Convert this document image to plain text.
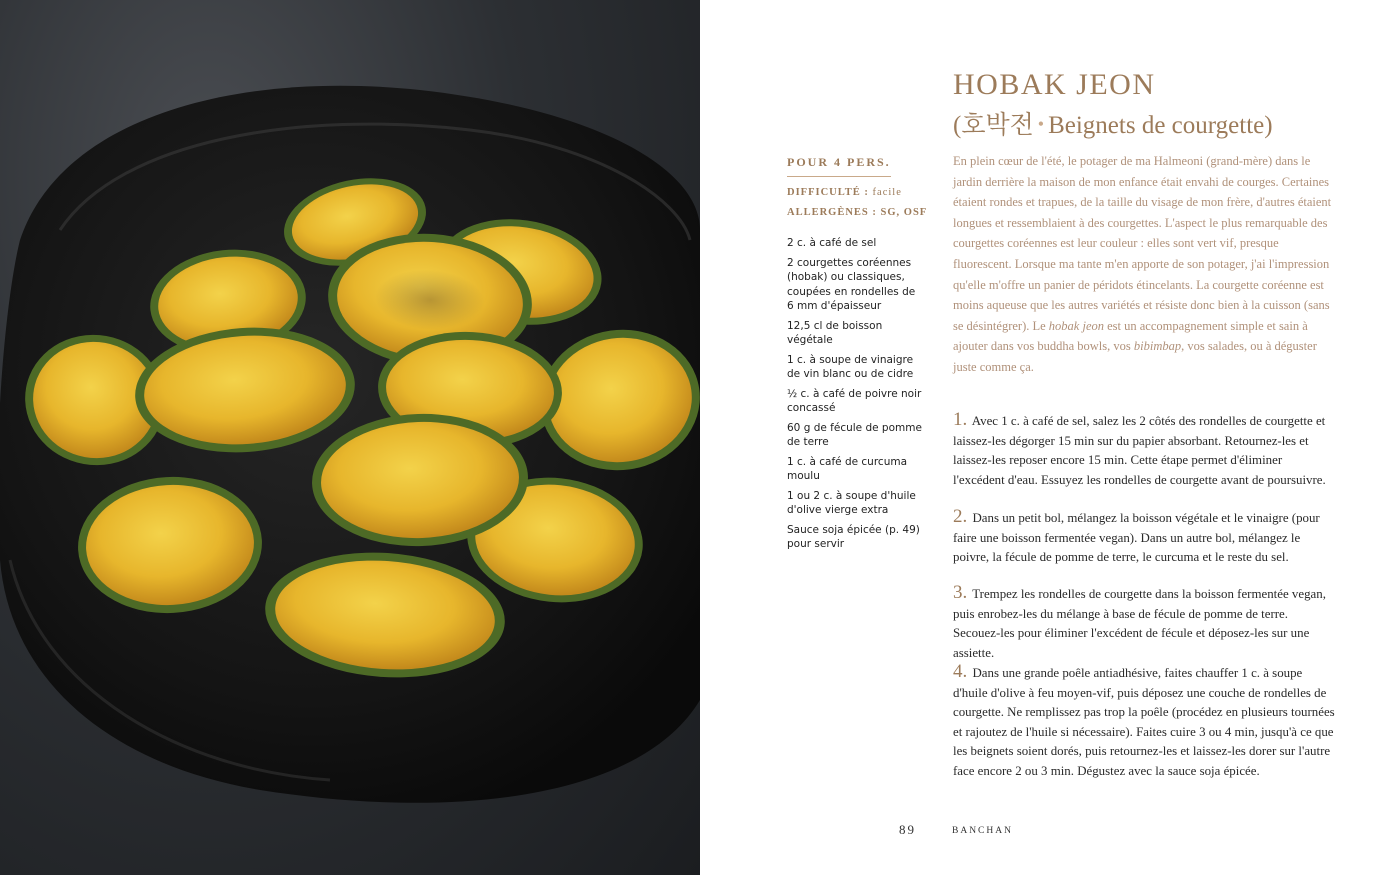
HOBAK JEON
(호박전 • Beignets de courgette)
POUR 4 PERS.
DIFFICULTÉ : facile
ALLERGÈNES : SG, OSF
2 c. à café de sel
2 courgettes coréennes (hobak) ou classiques, coupées en rondelles de 6 mm d'épaisseur
12,5 cl de boisson végétale
1 c. à soupe de vinaigre de vin blanc ou de cidre
½ c. à café de poivre noir concassé
60 g de fécule de pomme de terre
1 c. à café de curcuma moulu
1 ou 2 c. à soupe d'huile d'olive vierge extra
Sauce soja épicée (p. 49) pour servir

En plein cœur de l'été, le potager de ma Halmeoni (grand-mère) dans le jardin derrière la maison de mon enfance était envahi de courges. Certaines étaient rondes et trapues, de la taille du visage de mon frère, d'autres étaient longues et ressemblaient à des courgettes. L'aspect le plus remarquable des courgettes coréennes est leur couleur : elles sont vert vif, presque fluorescent. Lorsque ma tante m'en apporte de son potager, j'ai l'impression qu'elle m'offre un panier de péridots étincelants. La courgette coréenne est moins aqueuse que les autres variétés et résiste donc bien à la cuisson (sans se désintégrer). Le hobak jeon est un accompagnement simple et sain à ajouter dans vos buddha bowls, vos bibimbap, vos salades, ou à déguster juste comme ça.

1. Avec 1 c. à café de sel, salez les 2 côtés des rondelles de courgette et laissez-les dégorger 15 min sur du papier absorbant. Retournez-les et laissez-les reposer encore 15 min. Cette étape permet d'éliminer l'excédent d'eau. Essuyez les rondelles de courgette avant de poursuivre.

2. Dans un petit bol, mélangez la boisson végétale et le vinaigre (pour faire une boisson fermentée vegan). Dans un autre bol, mélangez le poivre, la fécule de pomme de terre, le curcuma et le reste du sel.

3. Trempez les rondelles de courgette dans la boisson fermentée vegan, puis enrobez-les du mélange à base de fécule de pomme de terre. Secouez-les pour éliminer l'excédent de fécule et déposez-les sur une assiette.

4. Dans une grande poêle antiadhésive, faites chauffer 1 c. à soupe d'huile d'olive à feu moyen-vif, puis déposez une couche de rondelles de courgette. Ne remplissez pas trop la poêle (procédez en plusieurs tournées et rajoutez de l'huile si nécessaire). Faites cuire 3 ou 4 min, jusqu'à ce que les beignets soient dorés, puis retournez-les et laissez-les dorer sur l'autre face encore 2 ou 3 min. Dégustez avec la sauce soja épicée.

89	BANCHAN
